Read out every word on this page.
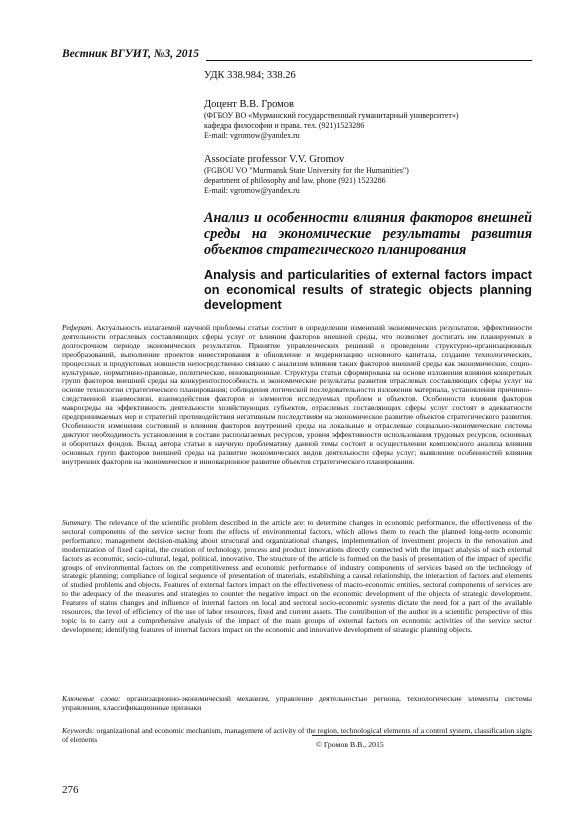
Вестник ВГУИТ, №3, 2015
УДК 338.984; 338.26
Доцент В.В. Громов
(ФГБОУ ВО «Мурманский государственный гуманитарный университет»)
кафедра философии и права. тел. (921)1523286
E-mail: vgromow@yandex.ru
Associate professor V.V. Gromov
(FGBOU VO "Murmansk State University for the Humanities")
department of philosophy and law. phone (921) 1523286
E-mail: vgromow@yandex.ru
Анализ и особенности влияния факторов внешней среды на экономические результаты развития объектов стратегического планирования
Analysis and particularities of external factors impact on economical results of strategic objects planning development

Реферат. Актуальность излагаемой научной проблемы статьи состоит в определении изменений экономических результатов, эффективности деятельности отраслевых составляющих сферы услуг от влияния факторов внешней среды, что позволяет достигать им планируемых в долгосрочном периоде экономических результатов. Принятие управленческих решений о проведении структурно-организационных преобразований, выполнение проектов инвестирования в обновление и модернизацию основного капитала, создание технологических, процессных и продуктовых новшеств непосредственно связано с анализом влияния таких факторов внешней среды как экономические, социо-культурные, нормативно-правовые, политические, инновационные. Структура статьи сформирована на основе изложения влияния конкретных групп факторов внешней среды на конкурентоспособность и экономические результаты развития отраслевых составляющих сферы услуг на основе технологии стратегического планирования; соблюдения логической последовательности изложения материала, установления причинно-следственной взаимосвязи, взаимодействия факторов и элементов исследуемых проблем и объектов. Особенности влияния факторов макросреды на эффективность деятельности хозяйствующих субъектов, отраслевых составляющих сферы услуг состоят в адекватности предпринимаемых мер и стратегий противодействия негативным последствиям на экономическое развитие объектов стратегического развития. Особенности изменения состояний и влияния факторов внутренней среды на локальные и отраслевые социально-экономические системы диктуют необходимость установления в составе располагаемых ресурсов, уровня эффективности использования трудовых ресурсов, основных и оборотных фондов. Вклад автора статьи в научную проблематику данной темы состоит в осуществлении комплексного анализа влияния основных групп факторов внешней среды на развитие экономических видов деятельности сферы услуг; выявление особенностей влияния внутренних факторов на экономическое и инновационное развитие объектов стратегического планирования.

Summary. The relevance of the scientific problem described in the article are: to determine changes in economic performance, the effectiveness of the sectoral components of the service sector from the effects of environmental factors, which allows them to reach the planned long-term economic performance; management decision-making about structural and organizational changes, implementation of investment projects in the renovation and modernization of fixed capital, the creation of technology, process and product innovations directly connected with the impact analysis of such external factors as economic, socio-cultural, legal, political, innovative. The structure of the article is formed on the basis of presentation of the impact of specific groups of environmental factors on the competitiveness and economic performance of industry components of services based on the technology of strategic planning; compliance of logical sequence of presentation of materials, establishing a causal relationship, the interaction of factors and elements of studied problems and objects. Features of external factors impact on the effectiveness of macro-economic entities, sectoral components of services are to the adequacy of the measures and strategies to counter the negative impact on the economic development of the objects of strategic development. Features of status changes and influence of internal factors on local and sectoral socio-economic systems dictate the need for a part of the available resources, the level of efficiency of the use of labor resources, fixed and current assets. The contribution of the author in a scientific perspective of this topic is to carry out a comprehensive analysis of the impact of the main groups of external factors on economic activities of the service sector development; identifying features of internal factors impact on the economic and innovative development of strategic planning objects.

Ключевые слова: организационно-экономический механизм, управление деятельностью региона, технологические элементы системы управления, классификационные признаки

Keywords: organizational and economic mechanism, management of activity of the region, technological elements of a control system, classification signs of elements

© Громов В.В., 2015
276
